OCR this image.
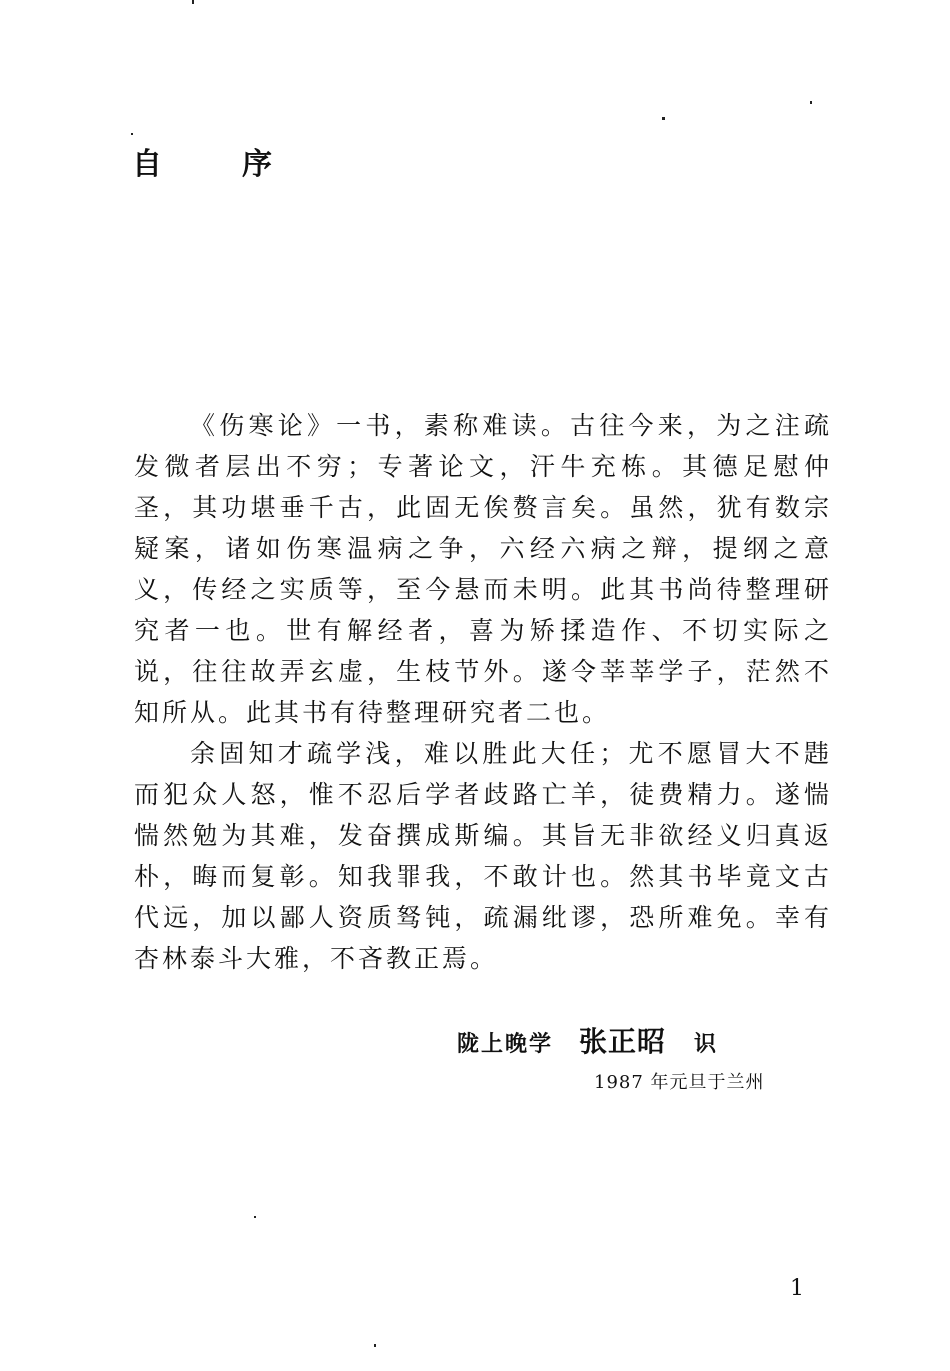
自	序

《伤寒论》一书，素称难读。古往今来，为之注疏发微者层出不穷；专著论文，汗牛充栋。其德足慰仲圣，其功堪垂千古，此固无俟赘言矣。虽然，犹有数宗疑案，诸如伤寒温病之争，六经六病之辩，提纲之意义，传经之实质等，至今悬而未明。此其书尚待整理研究者一也。世有解经者，喜为矫揉造作、不切实际之说，往往故弄玄虚，生枝节外。遂令莘莘学子，茫然不知所从。此其书有待整理研究者二也。

余固知才疏学浅，难以胜此大任；尤不愿冒大不韪而犯众人怒，惟不忍后学者歧路亡羊，徒费精力。遂惴惴然勉为其难，发奋撰成斯编。其旨无非欲经义归真返朴，晦而复彰。知我罪我，不敢计也。然其书毕竟文古代远，加以鄙人资质驽钝，疏漏纰谬，恐所难免。幸有杏林泰斗大雅，不吝教正焉。

陇上晚学 张正昭 识
1987 年元旦于兰州
1
